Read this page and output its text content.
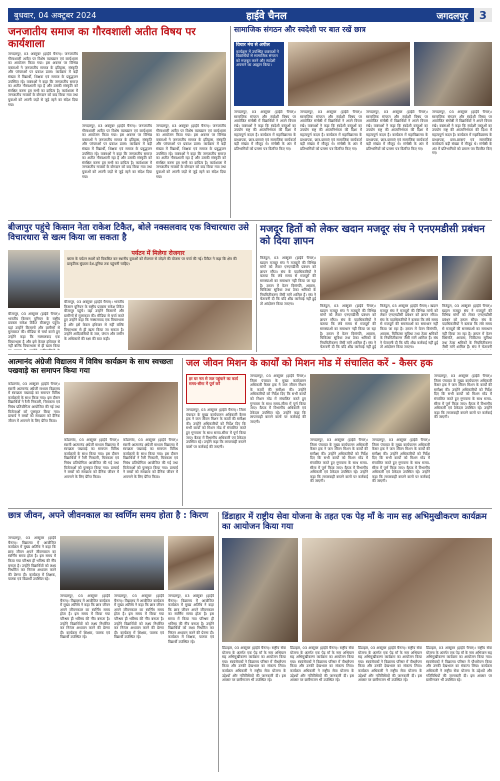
बुधवार, 04 अक्टूबर 2024	हाईवे चैनल	जगदलपुर	3
जनजातीय समाज का गौरवशाली अतीत विषय पर कार्यशाला
जगदलपुर, 03 अक्टूबर (हाईवे चैनल)। जनजातीय गौरवशाली अतीत पर विशेष व्याख्यान एवं कार्यशाला का आयोजन किया गया। इस अवसर पर विभिन्न वक्ताओं ने जनजातीय समाज के इतिहास, संस्कृति और परंपराओं पर प्रकाश डाला। कार्यक्रम में बड़ी संख्या में विद्यार्थी, शिक्षक एवं समाज के प्रबुद्धजन उपस्थित रहे। वक्ताओं ने कहा कि जनजातीय समाज का अतीत गौरवशाली रहा है और उसकी संस्कृति को संरक्षित करना हम सभी का दायित्व है। कार्यशाला में जनजातीय नायकों के योगदान को याद किया गया तथा युवाओं को अपनी जड़ों से जुड़े रहने का संदेश दिया गया।
जगदलपुर, 03 अक्टूबर (हाईवे चैनल)। जनजातीय गौरवशाली अतीत पर विशेष व्याख्यान एवं कार्यशाला का आयोजन किया गया। इस अवसर पर विभिन्न वक्ताओं ने जनजातीय समाज के इतिहास, संस्कृति और परंपराओं पर प्रकाश डाला। कार्यक्रम में बड़ी संख्या में विद्यार्थी, शिक्षक एवं समाज के प्रबुद्धजन उपस्थित रहे। वक्ताओं ने कहा कि जनजातीय समाज का अतीत गौरवशाली रहा है और उसकी संस्कृति को संरक्षित करना हम सभी का दायित्व है। कार्यशाला में जनजातीय नायकों के योगदान को याद किया गया तथा युवाओं को अपनी जड़ों से जुड़े रहने का संदेश दिया गया।
जगदलपुर, 03 अक्टूबर (हाईवे चैनल)। जनजातीय गौरवशाली अतीत पर विशेष व्याख्यान एवं कार्यशाला का आयोजन किया गया। इस अवसर पर विभिन्न वक्ताओं ने जनजातीय समाज के इतिहास, संस्कृति और परंपराओं पर प्रकाश डाला। कार्यक्रम में बड़ी संख्या में विद्यार्थी, शिक्षक एवं समाज के प्रबुद्धजन उपस्थित रहे। वक्ताओं ने कहा कि जनजातीय समाज का अतीत गौरवशाली रहा है और उसकी संस्कृति को संरक्षित करना हम सभी का दायित्व है। कार्यशाला में जनजातीय नायकों के योगदान को याद किया गया तथा युवाओं को अपनी जड़ों से जुड़े रहने का संदेश दिया गया।
सामाजिक संगठन और स्वदेशी पर बात रखें छात्र
विचार मंच से अपील
कार्यक्रम में उपस्थित वक्ताओं ने विद्यार्थियों से सामाजिक संगठन को मजबूत करने और स्वदेशी अपनाने का आह्वान किया।
जगदलपुर, 03 अक्टूबर (हाईवे चैनल)। सामाजिक संगठन और स्वदेशी विषय पर आयोजित संगोष्ठी में विद्यार्थियों ने अपने विचार रखे। वक्ताओं ने कहा कि स्वदेशी वस्तुओं का उपयोग राष्ट्र की आत्मनिर्भरता की दिशा में महत्वपूर्ण कदम है। कार्यक्रम में महाविद्यालय के प्राध्यापक, छात्र-छात्राएं एवं सामाजिक कार्यकर्ता बड़ी संख्या में मौजूद थे। संगोष्ठी के अंत में प्रतिभागियों को प्रमाण पत्र वितरित किए गए।
जगदलपुर, 03 अक्टूबर (हाईवे चैनल)। सामाजिक संगठन और स्वदेशी विषय पर आयोजित संगोष्ठी में विद्यार्थियों ने अपने विचार रखे। वक्ताओं ने कहा कि स्वदेशी वस्तुओं का उपयोग राष्ट्र की आत्मनिर्भरता की दिशा में महत्वपूर्ण कदम है। कार्यक्रम में महाविद्यालय के प्राध्यापक, छात्र-छात्राएं एवं सामाजिक कार्यकर्ता बड़ी संख्या में मौजूद थे। संगोष्ठी के अंत में प्रतिभागियों को प्रमाण पत्र वितरित किए गए।
जगदलपुर, 03 अक्टूबर (हाईवे चैनल)। सामाजिक संगठन और स्वदेशी विषय पर आयोजित संगोष्ठी में विद्यार्थियों ने अपने विचार रखे। वक्ताओं ने कहा कि स्वदेशी वस्तुओं का उपयोग राष्ट्र की आत्मनिर्भरता की दिशा में महत्वपूर्ण कदम है। कार्यक्रम में महाविद्यालय के प्राध्यापक, छात्र-छात्राएं एवं सामाजिक कार्यकर्ता बड़ी संख्या में मौजूद थे। संगोष्ठी के अंत में प्रतिभागियों को प्रमाण पत्र वितरित किए गए।
जगदलपुर, 03 अक्टूबर (हाईवे चैनल)। सामाजिक संगठन और स्वदेशी विषय पर आयोजित संगोष्ठी में विद्यार्थियों ने अपने विचार रखे। वक्ताओं ने कहा कि स्वदेशी वस्तुओं का उपयोग राष्ट्र की आत्मनिर्भरता की दिशा में महत्वपूर्ण कदम है। कार्यक्रम में महाविद्यालय के प्राध्यापक, छात्र-छात्राएं एवं सामाजिक कार्यकर्ता बड़ी संख्या में मौजूद थे। संगोष्ठी के अंत में प्रतिभागियों को प्रमाण पत्र वितरित किए गए।
बीजापुर पहुंचे किसान नेता राकेश टिकैत, बोले नक्सलवाद एक विचारधारा उसे विचारधारा से खत्म किया जा सकता है
पर्यटन में मिलेगा रोजगार
बस्तर के पर्यटन स्थलों को विकसित कर स्थानीय युवाओं को रोजगार से जोड़ने की योजना पर चर्चा की गई। टिकैत ने कहा कि क्षेत्र की प्राकृतिक सुंदरता देश-दुनिया तक पहुंचनी चाहिए।
बीजापुर, 03 अक्टूबर (हाईवे चैनल)। भारतीय किसान यूनियन के राष्ट्रीय प्रवक्ता राकेश टिकैत बीजापुर पहुंचे। यहां उन्होंने किसानों और ग्रामीणों से मुलाकात की। मीडिया से चर्चा करते हुए उन्होंने कहा कि नक्सलवाद एक विचारधारा है और इसे केवल हथियार से नहीं बल्कि विचारधारा से ही खत्म किया जा सकता है। उन्होंने आदिवासियों के जल, जंगल और जमीन के अधिकारों की रक्षा की बात कही।
बीजापुर, 03 अक्टूबर (हाईवे चैनल)। भारतीय किसान यूनियन के राष्ट्रीय प्रवक्ता राकेश टिकैत बीजापुर पहुंचे। यहां उन्होंने किसानों और ग्रामीणों से मुलाकात की। मीडिया से चर्चा करते हुए उन्होंने कहा कि नक्सलवाद एक विचारधारा है और इसे केवल हथियार से नहीं बल्कि विचारधारा से ही खत्म किया
मजदूर हितों को लेकर खदान मजदूर संघ ने एनएमडीसी प्रबंधन को दिया ज्ञापन
किरंदुल, 03 अक्टूबर (हाईवे चैनल)। खदान मजदूर संघ ने मजदूरों की विभिन्न मांगों को लेकर एनएमडीसी प्रबंधन को ज्ञापन सौंपा। संघ के पदाधिकारियों ने बताया कि लंबे समय से मजदूरों की समस्याओं का समाधान नहीं किया जा रहा है। ज्ञापन में वेतन विसंगति, आवास, चिकित्सा सुविधा तथा ठेका श्रमिकों के नियमितीकरण जैसी मांगें शामिल हैं। संघ ने चेतावनी दी कि यदि शीघ्र कार्रवाई नहीं हुई तो आंदोलन किया जाएगा।
किरंदुल, 03 अक्टूबर (हाईवे चैनल)। खदान मजदूर संघ ने मजदूरों की विभिन्न मांगों को लेकर एनएमडीसी प्रबंधन को ज्ञापन सौंपा। संघ के पदाधिकारियों ने बताया कि लंबे समय से मजदूरों की समस्याओं का समाधान नहीं किया जा रहा है। ज्ञापन में वेतन विसंगति, आवास, चिकित्सा सुविधा तथा ठेका श्रमिकों के नियमितीकरण जैसी मांगें शामिल हैं। संघ ने चेतावनी दी कि यदि शीघ्र कार्रवाई नहीं हुई
किरंदुल, 03 अक्टूबर (हाईवे चैनल)। खदान मजदूर संघ ने मजदूरों की विभिन्न मांगों को लेकर एनएमडीसी प्रबंधन को ज्ञापन सौंपा। संघ के पदाधिकारियों ने बताया कि लंबे समय से मजदूरों की समस्याओं का समाधान नहीं किया जा रहा है। ज्ञापन में वेतन विसंगति, आवास, चिकित्सा सुविधा तथा ठेका श्रमिकों के नियमितीकरण जैसी मांगें शामिल हैं। संघ ने चेतावनी दी कि यदि शीघ्र कार्रवाई नहीं हुई तो आंदोलन किया जाएगा।
किरंदुल, 03 अक्टूबर (हाईवे चैनल)। खदान मजदूर संघ ने मजदूरों की विभिन्न मांगों को लेकर एनएमडीसी प्रबंधन को ज्ञापन सौंपा। संघ के पदाधिकारियों ने बताया कि लंबे समय से मजदूरों की समस्याओं का समाधान नहीं किया जा रहा है। ज्ञापन में वेतन विसंगति, आवास, चिकित्सा सुविधा तथा ठेका श्रमिकों के नियमितीकरण जैसी मांगें शामिल हैं। संघ ने चेतावनी
आत्मानंद अंग्रेजी विद्यालय में विविध कार्यक्रम के साथ स्वच्छता पखवाड़े का समापन किया गया
कोंडागांव, 03 अक्टूबर (हाईवे चैनल)। स्वामी आत्मानंद अंग्रेजी माध्यम विद्यालय में स्वच्छता पखवाड़े का समापन विविध कार्यक्रमों के साथ किया गया। इस दौरान विद्यार्थियों ने रैली निकाली, चित्रकला एवं निबंध प्रतियोगिता आयोजित की गई तथा विजेताओं को पुरस्कृत किया गया। प्राचार्य ने बच्चों को स्वच्छता को दैनिक जीवन में अपनाने के लिए प्रेरित किया।
कोंडागांव, 03 अक्टूबर (हाईवे चैनल)। स्वामी आत्मानंद अंग्रेजी माध्यम विद्यालय में स्वच्छता पखवाड़े का समापन विविध कार्यक्रमों के साथ किया गया। इस दौरान विद्यार्थियों ने रैली निकाली, चित्रकला एवं निबंध प्रतियोगिता आयोजित की गई तथा विजेताओं को पुरस्कृत किया गया। प्राचार्य ने बच्चों को स्वच्छता को दैनिक जीवन में अपनाने के लिए प्रेरित किया।
कोंडागांव, 03 अक्टूबर (हाईवे चैनल)। स्वामी आत्मानंद अंग्रेजी माध्यम विद्यालय में स्वच्छता पखवाड़े का समापन विविध कार्यक्रमों के साथ किया गया। इस दौरान विद्यार्थियों ने रैली निकाली, चित्रकला एवं निबंध प्रतियोगिता आयोजित की गई तथा विजेताओं को पुरस्कृत किया गया। प्राचार्य ने बच्चों को स्वच्छता को दैनिक जीवन में अपनाने के लिए प्रेरित किया।
जल जीवन मिशन के कार्यों को मिशन मोड में संचालित करें - कैसर हक
हर घर नल से जल पहुंचाने का कार्य समय-सीमा में पूर्ण करें
जगदलपुर, 03 अक्टूबर (हाईवे चैनल)। जिला पंचायत के मुख्य कार्यपालन अधिकारी कैसर हक ने जल जीवन मिशन के कार्यों की समीक्षा की। उन्होंने अधिकारियों को निर्देश दिए कि सभी कार्यों को मिशन मोड में संचालित करते हुए गुणवत्ता के साथ समय-सीमा में पूर्ण किया जाए। बैठक में विभागीय अधिकारी एवं ठेकेदार उपस्थित रहे। उन्होंने कहा कि लापरवाही बरतने वालों पर कार्रवाई की जाएगी।
जगदलपुर, 03 अक्टूबर (हाईवे चैनल)। जिला पंचायत के मुख्य कार्यपालन अधिकारी कैसर हक ने जल जीवन मिशन के कार्यों की समीक्षा की। उन्होंने अधिकारियों को निर्देश दिए कि सभी कार्यों को मिशन मोड में संचालित करते हुए गुणवत्ता के साथ समय-सीमा में पूर्ण किया जाए। बैठक में विभागीय अधिकारी एवं ठेकेदार उपस्थित रहे। उन्होंने कहा कि लापरवाही बरतने वालों पर कार्रवाई की जाएगी।
जगदलपुर, 03 अक्टूबर (हाईवे चैनल)। जिला पंचायत के मुख्य कार्यपालन अधिकारी कैसर हक ने जल जीवन मिशन के कार्यों की समीक्षा की। उन्होंने अधिकारियों को निर्देश दिए कि सभी कार्यों को मिशन मोड में संचालित करते हुए गुणवत्ता के साथ समय-सीमा में पूर्ण किया जाए। बैठक में विभागीय अधिकारी एवं ठेकेदार उपस्थित रहे। उन्होंने कहा कि लापरवाही बरतने वालों पर कार्रवाई की जाएगी।
जगदलपुर, 03 अक्टूबर (हाईवे चैनल)। जिला पंचायत के मुख्य कार्यपालन अधिकारी कैसर हक ने जल जीवन मिशन के कार्यों की समीक्षा की। उन्होंने अधिकारियों को निर्देश दिए कि सभी कार्यों को मिशन मोड में संचालित करते हुए गुणवत्ता के साथ समय-सीमा में पूर्ण किया जाए। बैठक में विभागीय अधिकारी एवं ठेकेदार उपस्थित रहे। उन्होंने कहा कि लापरवाही बरतने वालों पर कार्रवाई की जाएगी।
जगदलपुर, 03 अक्टूबर (हाईवे चैनल)। जिला पंचायत के मुख्य कार्यपालन अधिकारी कैसर हक ने जल जीवन मिशन के कार्यों की समीक्षा की। उन्होंने अधिकारियों को निर्देश दिए कि सभी कार्यों को मिशन मोड में संचालित करते हुए गुणवत्ता के साथ समय-सीमा में पूर्ण किया जाए। बैठक में विभागीय अधिकारी एवं ठेकेदार उपस्थित रहे। उन्होंने कहा कि लापरवाही बरतने वालों पर कार्रवाई की जाएगी।
छात्र जीवन, अपने जीवनकाल का स्वर्णिम समय होता है : किरण
जगदलपुर, 03 अक्टूबर (हाईवे चैनल)। विद्यालय में आयोजित कार्यक्रम में मुख्य अतिथि ने कहा कि छात्र जीवन अपने जीवनकाल का स्वर्णिम समय होता है। इस समय में किया गया परिश्रम ही भविष्य की नींव बनाता है। उन्होंने विद्यार्थियों को लक्ष्य निर्धारित कर निरंतर अध्ययन करने की प्रेरणा दी। कार्यक्रम में शिक्षक, पालक एवं विद्यार्थी उपस्थित रहे।
जगदलपुर, 03 अक्टूबर (हाईवे चैनल)। विद्यालय में आयोजित कार्यक्रम में मुख्य अतिथि ने कहा कि छात्र जीवन अपने जीवनकाल का स्वर्णिम समय होता है। इस समय में किया गया परिश्रम ही भविष्य की नींव बनाता है। उन्होंने विद्यार्थियों को लक्ष्य निर्धारित कर निरंतर अध्ययन करने की प्रेरणा दी। कार्यक्रम में शिक्षक, पालक एवं विद्यार्थी उपस्थित रहे।
जगदलपुर, 03 अक्टूबर (हाईवे चैनल)। विद्यालय में आयोजित कार्यक्रम में मुख्य अतिथि ने कहा कि छात्र जीवन अपने जीवनकाल का स्वर्णिम समय होता है। इस समय में किया गया परिश्रम ही भविष्य की नींव बनाता है। उन्होंने विद्यार्थियों को लक्ष्य निर्धारित कर निरंतर अध्ययन करने की प्रेरणा दी। कार्यक्रम में शिक्षक, पालक एवं विद्यार्थी उपस्थित रहे।
जगदलपुर, 03 अक्टूबर (हाईवे चैनल)। विद्यालय में आयोजित कार्यक्रम में मुख्य अतिथि ने कहा कि छात्र जीवन अपने जीवनकाल का स्वर्णिम समय होता है। इस समय में किया गया परिश्रम ही भविष्य की नींव बनाता है। उन्होंने विद्यार्थियों को लक्ष्य निर्धारित कर निरंतर अध्ययन करने की प्रेरणा दी। कार्यक्रम में शिक्षक, पालक एवं विद्यार्थी उपस्थित रहे।
डिंडाहार में राष्ट्रीय सेवा योजना के तहत एक पेड़ माँ के नाम सह अभिमुखीकरण कार्यक्रम का आयोजन किया गया
डिंडाहार, 03 अक्टूबर (हाईवे चैनल)। राष्ट्रीय सेवा योजना के अंतर्गत एक पेड़ माँ के नाम अभियान सह अभिमुखीकरण कार्यक्रम का आयोजन किया गया। स्वयंसेवकों ने विद्यालय परिसर में पौधरोपण किया और उनकी देखभाल का संकल्प लिया। कार्यक्रम अधिकारी ने राष्ट्रीय सेवा योजना के उद्देश्यों और गतिविधियों की जानकारी दी। इस अवसर पर ग्रामीणजन भी उपस्थित रहे।
डिंडाहार, 03 अक्टूबर (हाईवे चैनल)। राष्ट्रीय सेवा योजना के अंतर्गत एक पेड़ माँ के नाम अभियान सह अभिमुखीकरण कार्यक्रम का आयोजन किया गया। स्वयंसेवकों ने विद्यालय परिसर में पौधरोपण किया और उनकी देखभाल का संकल्प लिया। कार्यक्रम अधिकारी ने राष्ट्रीय सेवा योजना के उद्देश्यों और गतिविधियों की जानकारी दी। इस अवसर पर ग्रामीणजन भी उपस्थित रहे।
डिंडाहार, 03 अक्टूबर (हाईवे चैनल)। राष्ट्रीय सेवा योजना के अंतर्गत एक पेड़ माँ के नाम अभियान सह अभिमुखीकरण कार्यक्रम का आयोजन किया गया। स्वयंसेवकों ने विद्यालय परिसर में पौधरोपण किया और उनकी देखभाल का संकल्प लिया। कार्यक्रम अधिकारी ने राष्ट्रीय सेवा योजना के उद्देश्यों और गतिविधियों की जानकारी दी। इस अवसर पर ग्रामीणजन भी उपस्थित रहे।
डिंडाहार, 03 अक्टूबर (हाईवे चैनल)। राष्ट्रीय सेवा योजना के अंतर्गत एक पेड़ माँ के नाम अभियान सह अभिमुखीकरण कार्यक्रम का आयोजन किया गया। स्वयंसेवकों ने विद्यालय परिसर में पौधरोपण किया और उनकी देखभाल का संकल्प लिया। कार्यक्रम अधिकारी ने राष्ट्रीय सेवा योजना के उद्देश्यों और गतिविधियों की जानकारी दी। इस अवसर पर ग्रामीणजन भी उपस्थित रहे।
